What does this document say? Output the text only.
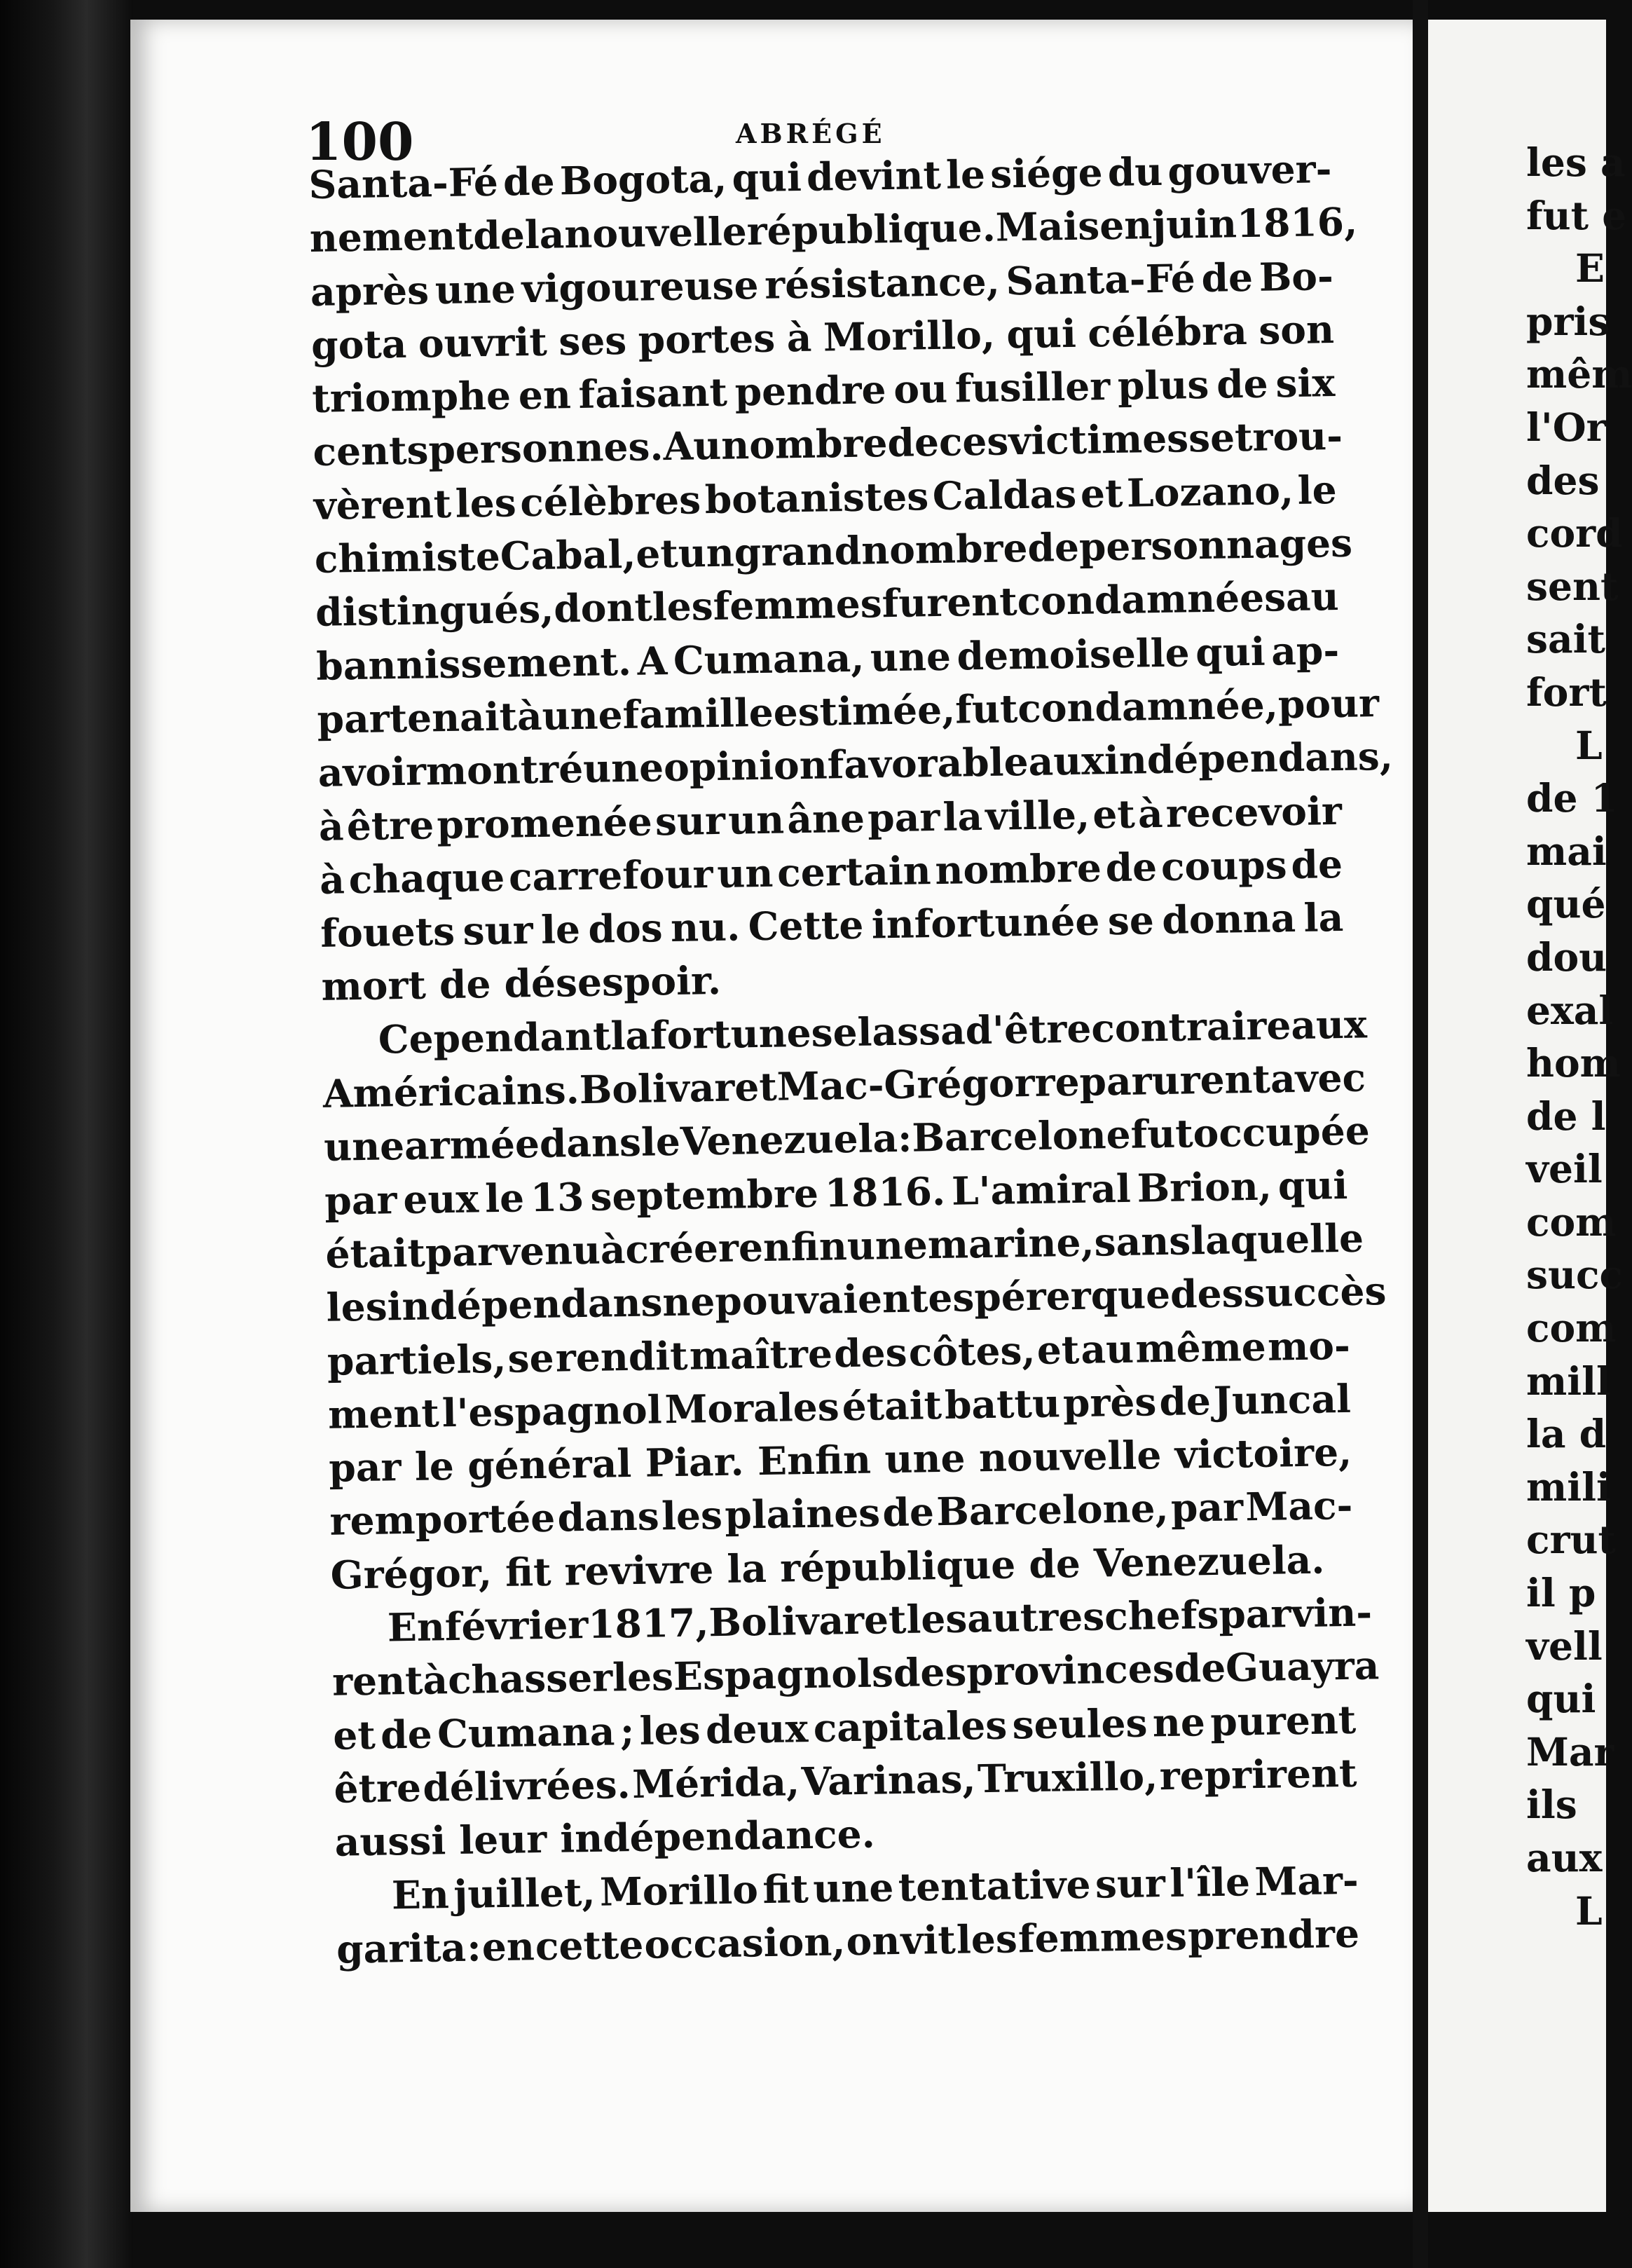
100	ABRÉGÉ
Santa-Fé de Bogota, qui devint le siége du gouver-
nement
de
la
nouvelle
république.
Mais
en
juin
1816,
après une vigoureuse résistance, Santa-Fé de Bo-
gota ouvrit ses portes à Morillo, qui célébra son
triomphe en faisant pendre ou fusiller plus de six
cents
personnes.
Au
nombre
de
ces
victimes
se
trou-
vèrent les célèbres botanistes Caldas et Lozano, le
chimiste
Cabal,
et
un
grand
nombre
de
personnages
distingués,
dont
les
femmes
furent
condamnées
au
bannissement. A Cumana, une demoiselle qui ap-
partenait
à
une
famille
estimée,
fut
condamnée,
pour
avoir
montré
une
opinion
favorable
aux
indépendans,
à être promenée sur un âne par la ville, et à recevoir
à chaque carrefour un certain nombre de coups de
fouets sur le dos nu. Cette infortunée se donna la
mort de désespoir.
Cependant
la
fortune
se
lassa
d'être
contraire
aux
Américains.
Bolivar
et
Mac-Grégor
reparurent
avec
une
armée
dans
le
Venezuela
:
Barcelone
fut
occupée
par eux le 13 septembre 1816. L'amiral Brion, qui
était
parvenu
à
créer
enfin
une
marine,
sans
laquelle
les
indépendans
ne
pouvaient
espérer
que
des
succès
partiels, se rendit maître des côtes, et au même mo-
ment l'espagnol Morales était battu près de Juncal
par le général Piar. Enfin une nouvelle victoire,
remportée dans les plaines de Barcelone, par Mac-
Grégor, fit revivre la république de Venezuela.
En
février
1817,
Bolivar
et
les
autres
chefs
parvin-
rent
à
chasser
les
Espagnols
des
provinces
de
Guayra
et de Cumana ; les deux capitales seules ne purent
être délivrées. Mérida, Varinas, Truxillo, reprirent
aussi leur indépendance.
En juillet, Morillo fit une tentative sur l'île Mar-
garita : en cette occasion, on vit les femmes prendre
les a
fut e
E
pris
mêm
l'Or
des
cord
sent
sait
fort
L
de 1
mai
qué
dou
exal
hom
de l
veil
com
succ
com
mill
la d
mili
crut
il p
vell
qui
Mar
ils
aux
L
